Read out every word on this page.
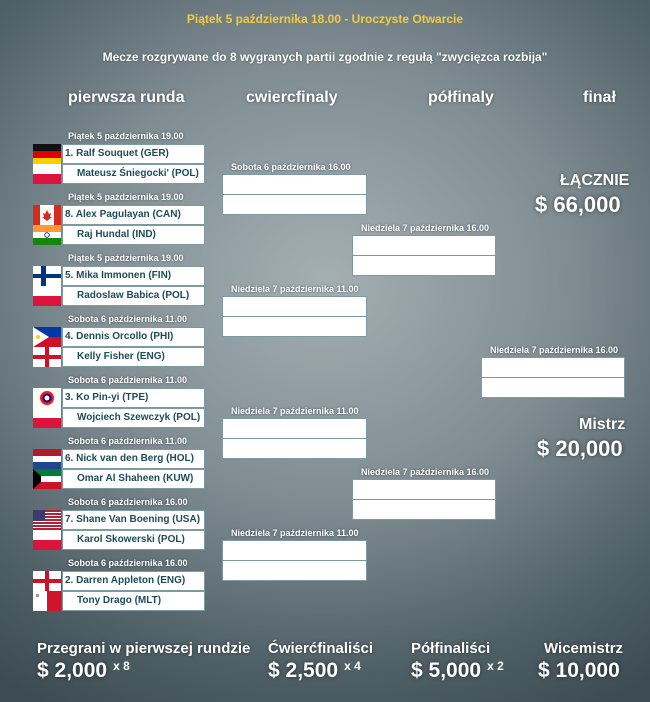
Piątek 5 października 18.00 - Uroczyste Otwarcie
Mecze rozgrywane do 8 wygranych partii zgodnie z regułą "zwycięzca rozbija"
pierwsza runda	cwiercfinaly	półfinaly	finał
Piątek 5 października 19.00
1. Ralf Souquet (GER)
Mateusz Śniegocki' (POL)
Piątek 5 października 19.00
8. Alex Pagulayan (CAN)
Raj Hundal (IND)
Piątek 5 października 19.00
5. Mika Immonen (FIN)
Radoslaw Babica (POL)
Sobota 6 października 11.00
4. Dennis Orcollo (PHI)
Kelly Fisher (ENG)
Sobota 6 października 11.00
3. Ko Pin-yi (TPE)
Wojciech Szewczyk (POL)
Sobota 6 października 11.00
6. Nick van den Berg (HOL)
Omar Al Shaheen (KUW)
Sobota 6 października 16.00
7. Shane Van Boening (USA)
Karol Skowerski (POL)
Sobota 6 października 16.00
2. Darren Appleton (ENG)
Tony Drago (MLT)
Sobota 6 października 16.00
Niedziela 7 października 11.00
Niedziela 7 października 11.00
Niedziela 7 października 11.00
Niedziela 7 października 16.00
Niedziela 7 października 16.00
Niedziela 7 października 16.00
ŁĄCZNIE
$ 66,000
Mistrz
$ 20,000
Przegrani w pierwszej rundzie
$ 2,000 $^{x 8}$
Ćwierćfinaliści
$ 2,500 $^{x 4}$
Półfinaliści
$ 5,000 $^{x 2}$
Wicemistrz
$ 10,000
